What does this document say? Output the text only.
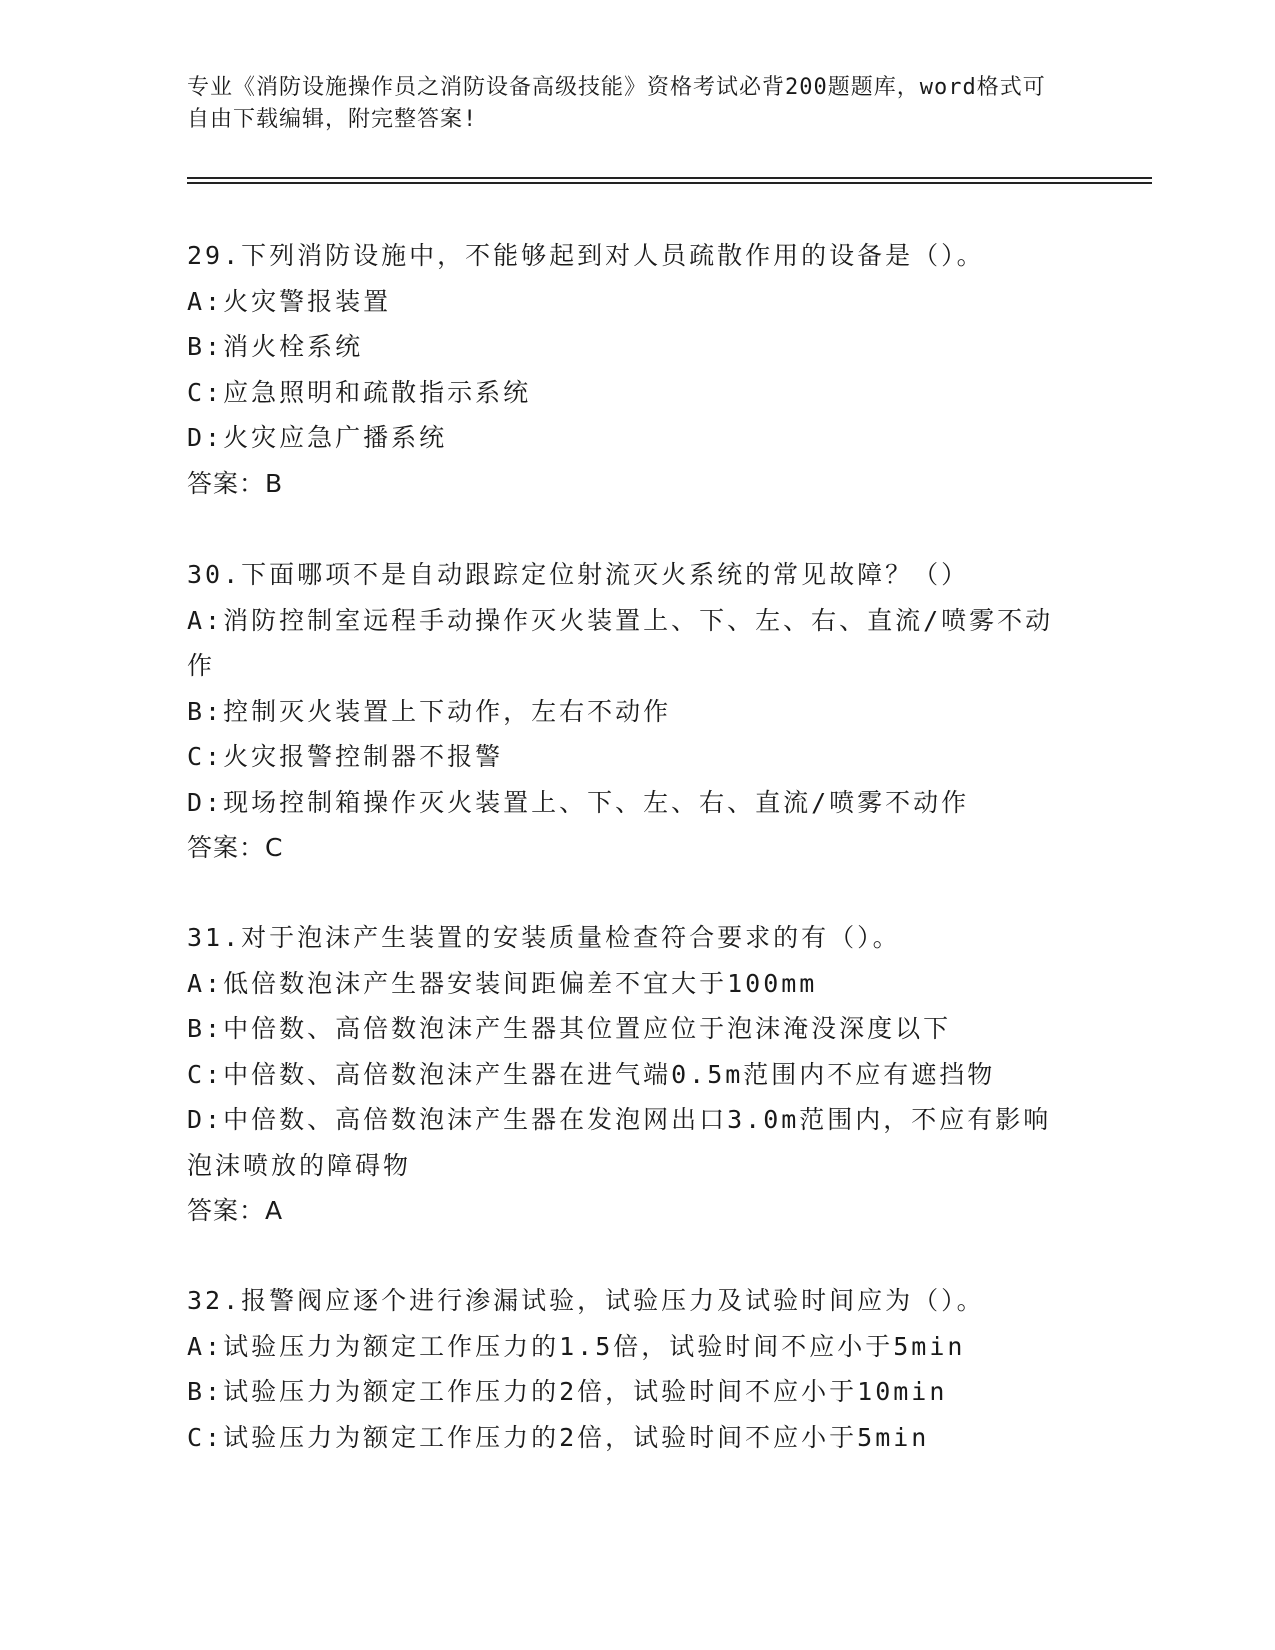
专业《消防设施操作员之消防设备高级技能》资格考试必背200题题库，word格式可自由下载编辑，附完整答案!
29.下列消防设施中，不能够起到对人员疏散作用的设备是（）。
A:火灾警报装置
B:消火栓系统
C:应急照明和疏散指示系统
D:火灾应急广播系统
答案：B
30.下面哪项不是自动跟踪定位射流灭火系统的常见故障？（）
A:消防控制室远程手动操作灭火装置上、下、左、右、直流/喷雾不动作
B:控制灭火装置上下动作，左右不动作
C:火灾报警控制器不报警
D:现场控制箱操作灭火装置上、下、左、右、直流/喷雾不动作
答案：C
31.对于泡沫产生装置的安装质量检查符合要求的有（）。
A:低倍数泡沫产生器安装间距偏差不宜大于100mm
B:中倍数、高倍数泡沫产生器其位置应位于泡沫淹没深度以下
C:中倍数、高倍数泡沫产生器在进气端0.5m范围内不应有遮挡物
D:中倍数、高倍数泡沫产生器在发泡网出口3.0m范围内，不应有影响泡沫喷放的障碍物
答案：A
32.报警阀应逐个进行渗漏试验，试验压力及试验时间应为（）。
A:试验压力为额定工作压力的1.5倍，试验时间不应小于5min
B:试验压力为额定工作压力的2倍，试验时间不应小于10min
C:试验压力为额定工作压力的2倍，试验时间不应小于5min
